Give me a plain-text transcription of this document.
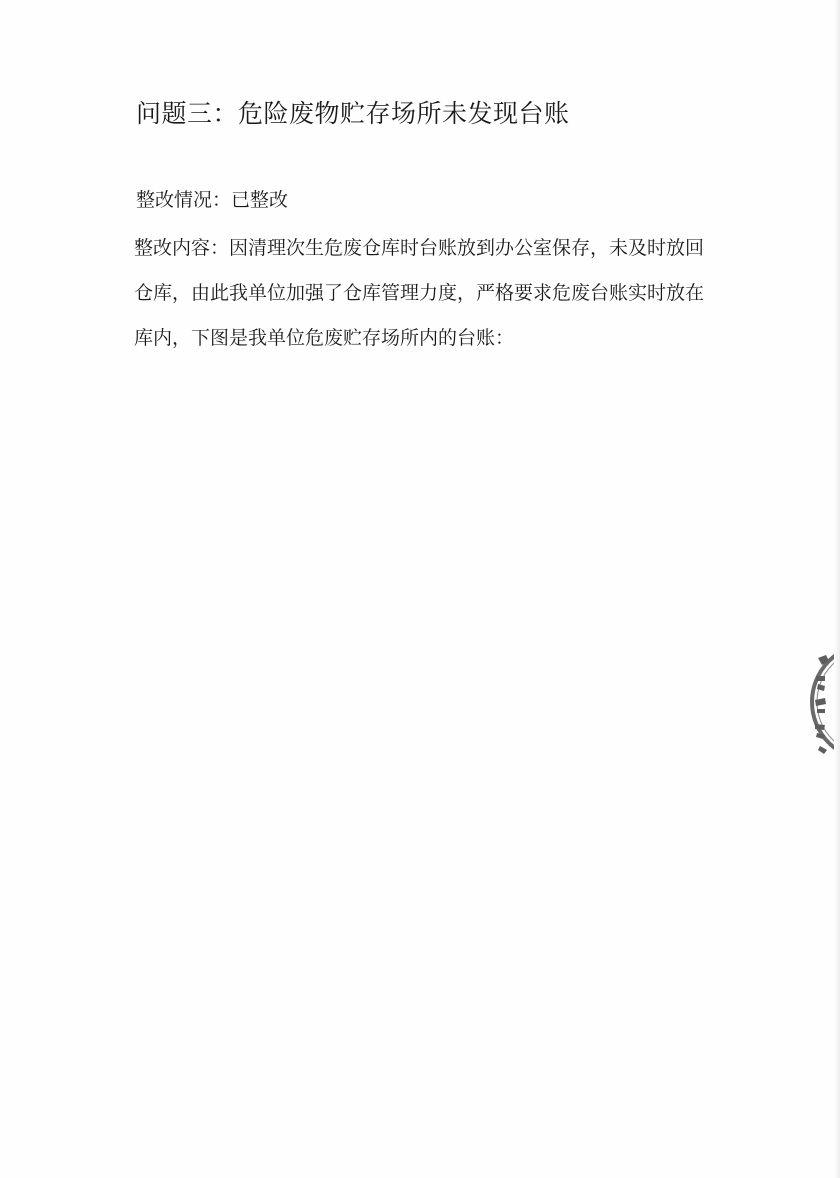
问题三：危险废物贮存场所未发现台账
整改情况：已整改
整改内容：因清理次生危废仓库时台账放到办公室保存，未及时放回
仓库，由此我单位加强了仓库管理力度，严格要求危废台账实时放在
库内，下图是我单位危废贮存场所内的台账：
